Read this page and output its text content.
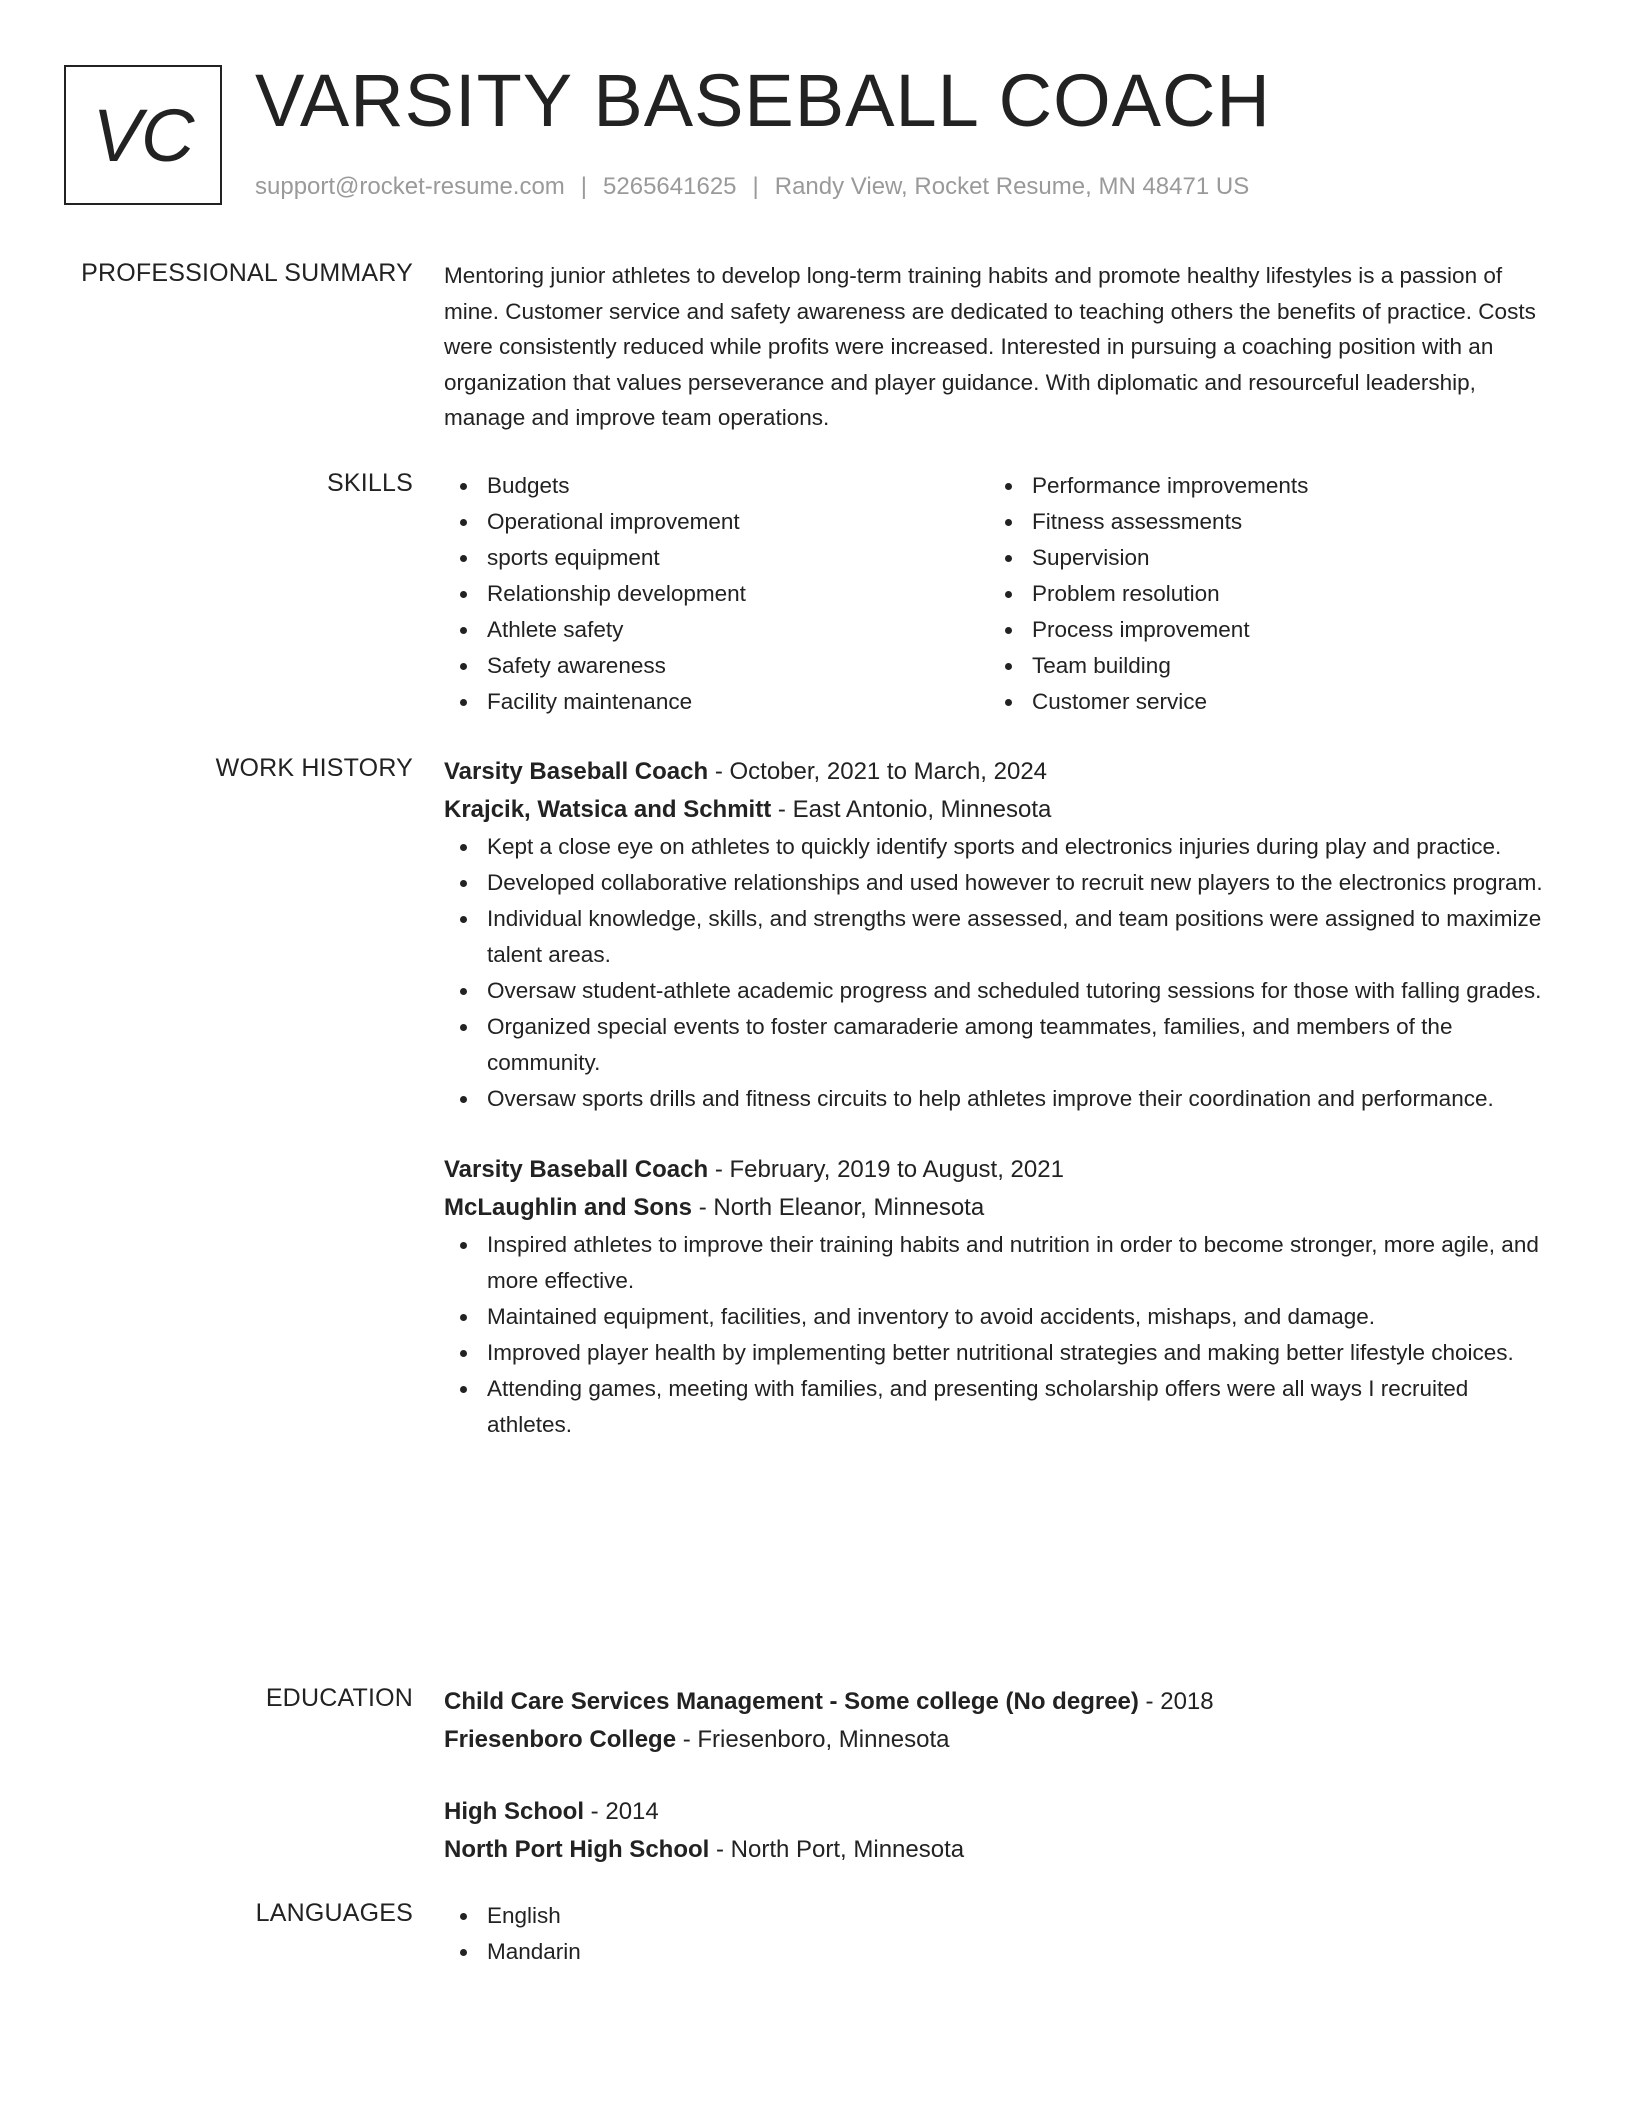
VC VARSITY BASEBALL COACH
support@rocket-resume.com | 5265641625 | Randy View, Rocket Resume, MN 48471 US
PROFESSIONAL SUMMARY Mentoring junior athletes to develop long-term training habits and promote healthy lifestyles is a passion of mine. Customer service and safety awareness are dedicated to teaching others the benefits of practice. Costs were consistently reduced while profits were increased. Interested in pursuing a coaching position with an organization that values perseverance and player guidance. With diplomatic and resourceful leadership, manage and improve team operations.

SKILLS	Budgets
Operational improvement
sports equipment
Relationship development
Athlete safety
Safety awareness
Facility maintenance
Performance improvements
Fitness assessments
Supervision
Problem resolution
Process improvement
Team building
Customer service
WORK HISTORY Varsity Baseball Coach - October, 2021 to March, 2024
Krajcik, Watsica and Schmitt - East Antonio, Minnesota
Kept a close eye on athletes to quickly identify sports and electronics injuries during play and practice.
Developed collaborative relationships and used however to recruit new players to the electronics program.
Individual knowledge, skills, and strengths were assessed, and team positions were assigned to maximize talent areas.
Oversaw student-athlete academic progress and scheduled tutoring sessions for those with falling grades.
Organized special events to foster camaraderie among teammates, families, and members of the community.
Oversaw sports drills and fitness circuits to help athletes improve their coordination and performance.
Varsity Baseball Coach - February, 2019 to August, 2021
McLaughlin and Sons - North Eleanor, Minnesota
Inspired athletes to improve their training habits and nutrition in order to become stronger, more agile, and more effective.
Maintained equipment, facilities, and inventory to avoid accidents, mishaps, and damage.
Improved player health by implementing better nutritional strategies and making better lifestyle choices.
Attending games, meeting with families, and presenting scholarship offers were all ways I recruited athletes.
EDUCATION Child Care Services Management - Some college (No degree) - 2018
Friesenboro College - Friesenboro, Minnesota
High School - 2014
North Port High School - North Port, Minnesota
LANGUAGES	English
Mandarin
